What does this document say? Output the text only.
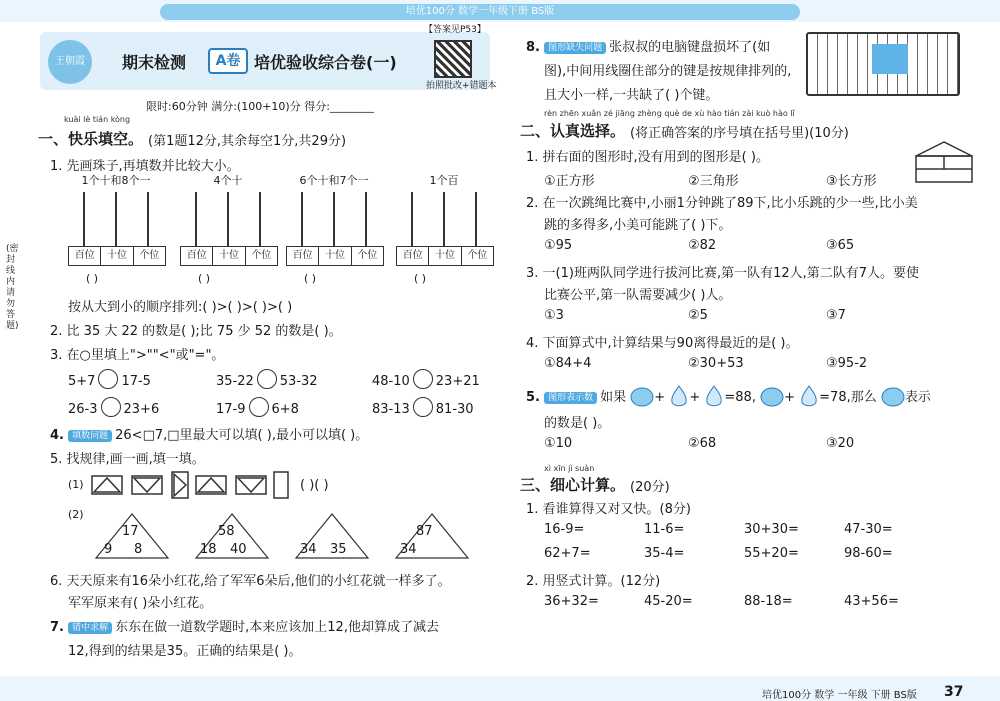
培优100分 数学一年级下册 BS版
王朝霞	期末检测	A卷 培优验收综合卷(一)
【答案见P53】
拍照批改+错题本
限时:60分钟 满分:(100+10)分 得分:________
(密封线内请勿答题)
kuài lè tián kòng
一、快乐填空。 (第1题12分,其余每空1分,共29分)
1. 先画珠子,再填数并比较大小。
1个十和8个一
百位	十位	个位
4个十
百位	十位	个位
6个十和7个一
百位	十位	个位
1个百
百位	十位	个位
( )	( )	( )	( )
按从大到小的顺序排列:( )>( )>( )>( )
2. 比 35 大 22 的数是( );比 75 少 52 的数是( )。
3. 在○里填上">""<"或"="。
5+7 17-5	35-22 53-32	48-10 23+21
26-3 23+6	17-9 6+8	83-13 81-30
4. 填数问题 26<□7,□里最大可以填( ),最小可以填( )。
5. 找规律,画一画,填一填。
(1)	( )( )
(2)
17
9 8
58
18 40	34 35
87
34
6. 天天原来有16朵小红花,给了军军6朵后,他们的小红花就一样多了。
军军原来有( )朵小红花。
7. 错中求解 东东在做一道数学题时,本来应该加上12,他却算成了减去
12,得到的结果是35。正确的结果是( )。
8. 图形缺失问题 张叔叔的电脑键盘损坏了(如
图),中间用线圈住部分的键是按规律排列的,
且大小一样,一共缺了( )个键。
rèn zhēn xuǎn zé jiāng zhèng què de xù hào tián zài kuò hào lǐ
二、认真选择。 (将正确答案的序号填在括号里)(10分)
1. 拼右面的图形时,没有用到的图形是( )。
①正方形	②三角形	③长方形
2. 在一次跳绳比赛中,小丽1分钟跳了89下,比小乐跳的少一些,比小美
跳的多得多,小美可能跳了( )下。
①95	②82	③65
3. 一(1)班两队同学进行拔河比赛,第一队有12人,第二队有7人。要使
比赛公平,第一队需要减少( )人。
①3	②5	③7
4. 下面算式中,计算结果与90离得最近的是( )。
①84+4	②30+53	③95-2
5. 图形表示数 如果 + + =88, + =78,那么 表示
的数是( )。
①10	②68	③20
xì xīn jì suàn
三、细心计算。 (20分)
1. 看谁算得又对又快。(8分)
16-9=	11-6=	30+30=	47-30=
62+7=	35-4=	55+20=	98-60=
2. 用竖式计算。(12分)
36+32=	45-20=	88-18=	43+56=
培优100分 数学 一年级 下册 BS版 37
